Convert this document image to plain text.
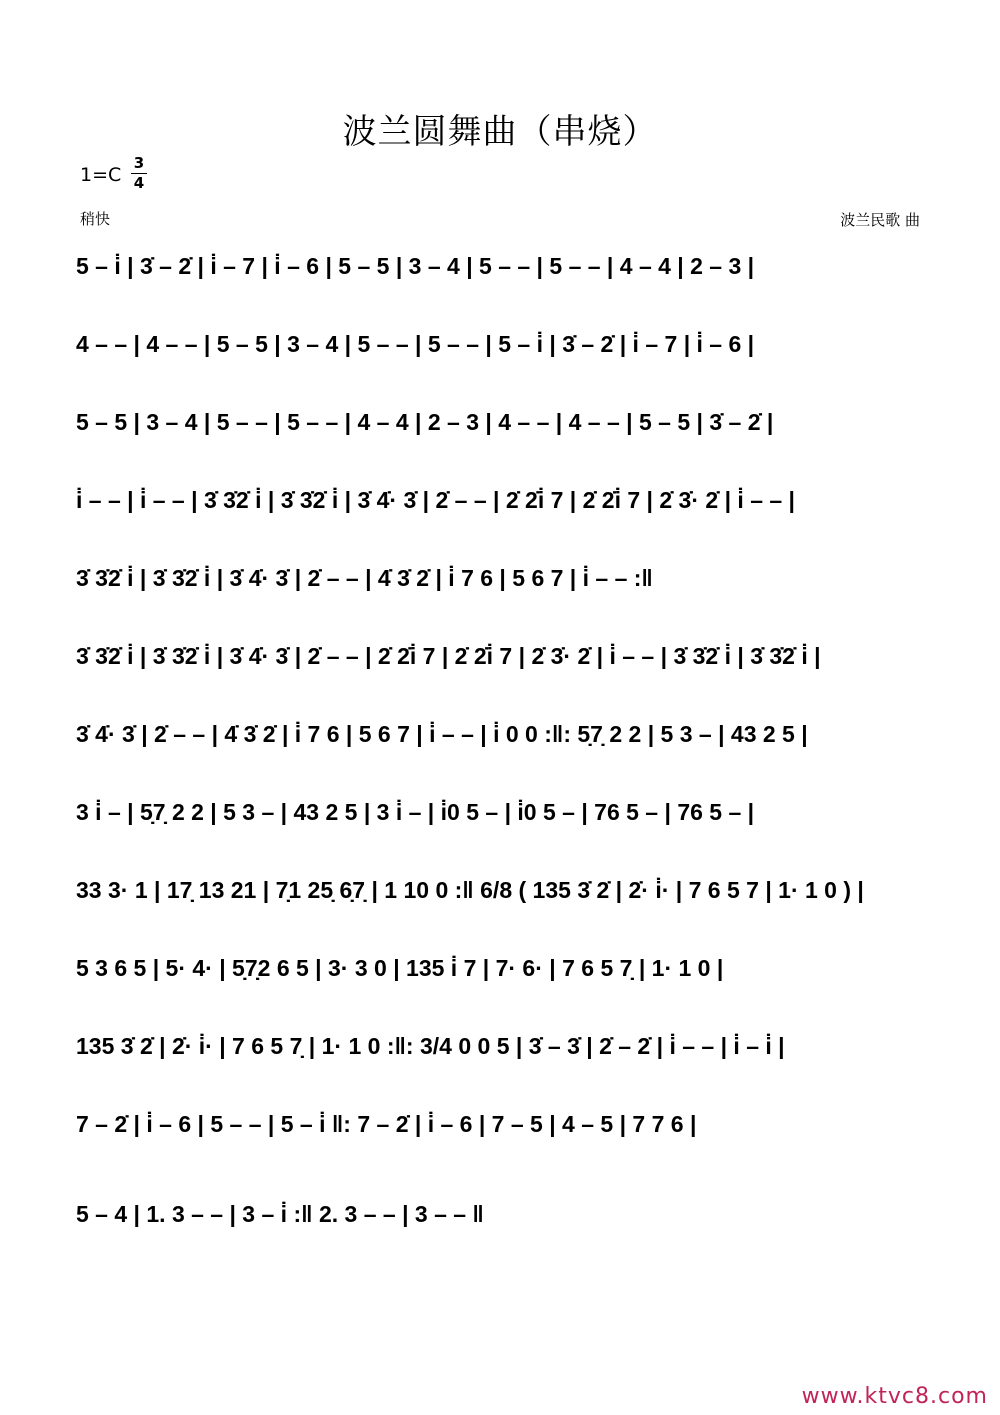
波兰圆舞曲（串烧）
1=C
3
4
稍快	波兰民歌 曲
5 – i̇ | 3̇ – 2̇ | i̇ – 7 | i̇ – 6 | 5 – 5 | 3 – 4 | 5 – – | 5 – – | 4 – 4 | 2 – 3 |
4 – – | 4 – – | 5 – 5 | 3 – 4 | 5 – – | 5 – – | 5 – i̇ | 3̇ – 2̇ | i̇ – 7 | i̇ – 6 |
5 – 5 | 3 – 4 | 5 – – | 5 – – | 4 – 4 | 2 – 3 | 4 – – | 4 – – | 5 – 5 | 3̇ – 2̇ |
i̇ – – | i̇ – – | 3̇ 3̇2̇ i̇ | 3̇ 3̇2̇ i̇ | 3̇ 4̇· 3̇ | 2̇ – – | 2̇ 2̇i̇ 7 | 2̇ 2̇i̇ 7 | 2̇ 3̇· 2̇ | i̇ – – |
3̇ 3̇2̇ i̇ | 3̇ 3̇2̇ i̇ | 3̇ 4̇· 3̇ | 2̇ – – | 4̇ 3̇ 2̇ | i̇ 7 6 | 5 6 7 | i̇ – – :‖
3̇ 3̇2̇ i̇ | 3̇ 3̇2̇ i̇ | 3̇ 4̇· 3̇ | 2̇ – – | 2̇ 2̇i̇ 7 | 2̇ 2̇i̇ 7 | 2̇ 3̇· 2̇ | i̇ – – | 3̇ 3̇2̇ i̇ | 3̇ 3̇2̇ i̇ |
3̇ 4̇· 3̇ | 2̇ – – | 4̇ 3̇ 2̇ | i̇ 7 6 | 5 6 7 | i̇ – – | i̇ 0 0 :‖: 5̣7̣ 2 2 | 5 3 – | 43 2 5 |
3 i̇ – | 5̣7̣ 2 2 | 5 3 – | 43 2 5 | 3 i̇ – | i̇0 5 – | i̇0 5 – | 76 5 – | 76 5 – |
33 3· 1 | 17̣ 13 21 | 7̣1 25̣ 6̣7̣ | 1 10 0 :‖ 6/8 ( 135 3̇ 2̇ | 2̇· i̇· | 7 6 5 7 | 1· 1 0 ) |
5 3 6 5 | 5· 4· | 5̣7̣2 6 5 | 3· 3 0 | 135 i̇ 7 | 7· 6· | 7 6 5 7̣ | 1· 1 0 |
135 3̇ 2̇ | 2̇· i̇· | 7 6 5 7̣ | 1· 1 0 :‖: 3/4 0 0 5 | 3̇ – 3̇ | 2̇ – 2̇ | i̇ – – | i̇ – i̇ |
7 – 2̇ | i̇ – 6 | 5 – – | 5 – i̇ ‖: 7 – 2̇ | i̇ – 6 | 7 – 5 | 4 – 5 | 7 7 6 |
5 – 4 | 1. 3 – – | 3 – i̇ :‖ 2. 3 – – | 3 – – ‖
www.ktvc8.com
